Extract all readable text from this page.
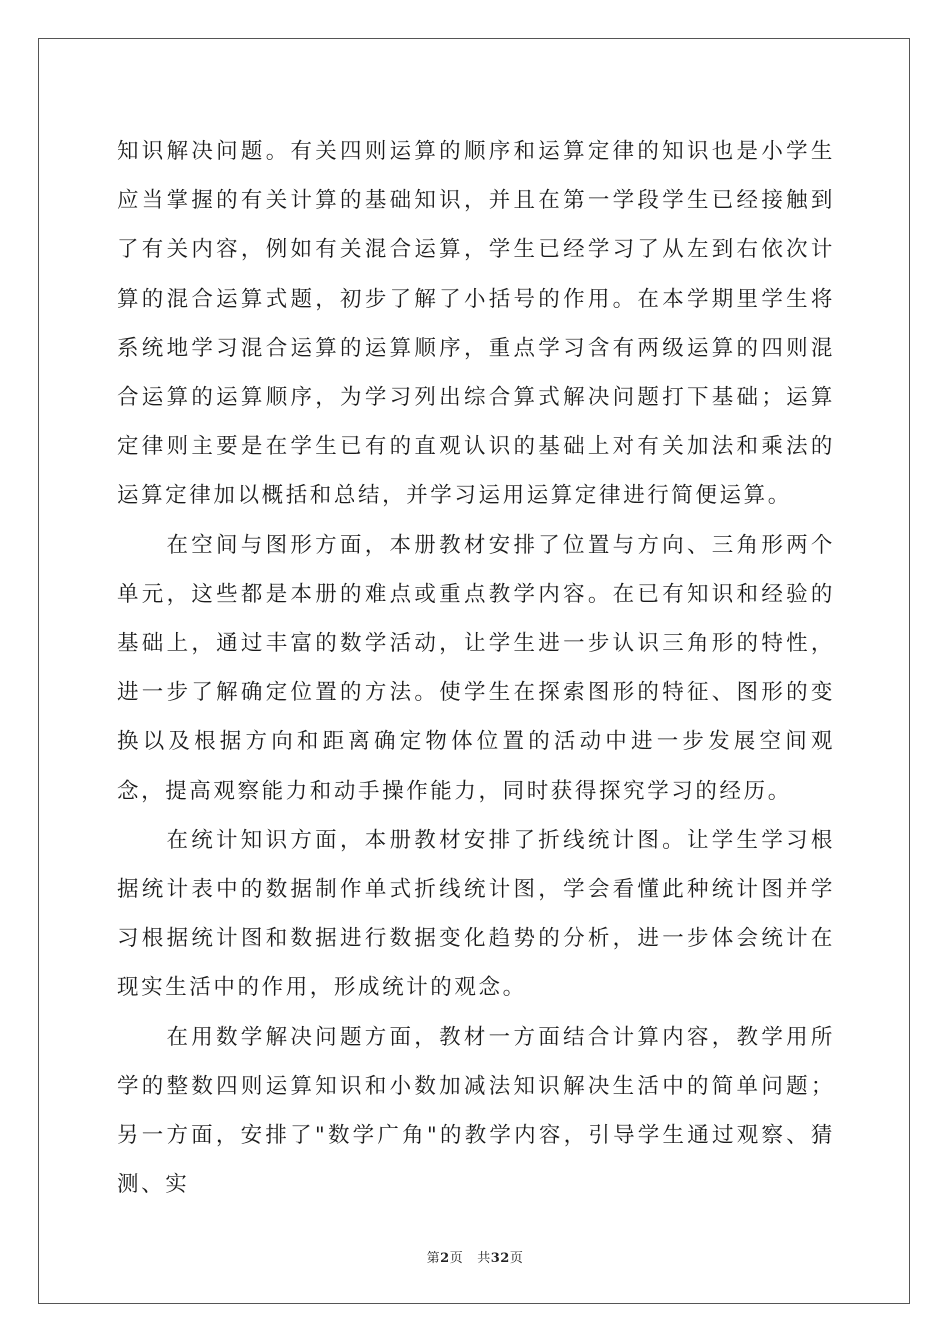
知识解决问题。有关四则运算的顺序和运算定律的知识也是小学生应当掌握的有关计算的基础知识，并且在第一学段学生已经接触到了有关内容，例如有关混合运算，学生已经学习了从左到右依次计算的混合运算式题，初步了解了小括号的作用。在本学期里学生将系统地学习混合运算的运算顺序，重点学习含有两级运算的四则混合运算的运算顺序，为学习列出综合算式解决问题打下基础；运算定律则主要是在学生已有的直观认识的基础上对有关加法和乘法的运算定律加以概括和总结，并学习运用运算定律进行简便运算。

在空间与图形方面，本册教材安排了位置与方向、三角形两个单元，这些都是本册的难点或重点教学内容。在已有知识和经验的基础上，通过丰富的数学活动，让学生进一步认识三角形的特性，进一步了解确定位置的方法。使学生在探索图形的特征、图形的变换以及根据方向和距离确定物体位置的活动中进一步发展空间观念，提高观察能力和动手操作能力，同时获得探究学习的经历。

在统计知识方面，本册教材安排了折线统计图。让学生学习根据统计表中的数据制作单式折线统计图，学会看懂此种统计图并学习根据统计图和数据进行数据变化趋势的分析，进一步体会统计在现实生活中的作用，形成统计的观念。

在用数学解决问题方面，教材一方面结合计算内容，教学用所学的整数四则运算知识和小数加减法知识解决生活中的简单问题；另一方面，安排了"数学广角"的教学内容，引导学生通过观察、猜测、实

第2页 共32页
